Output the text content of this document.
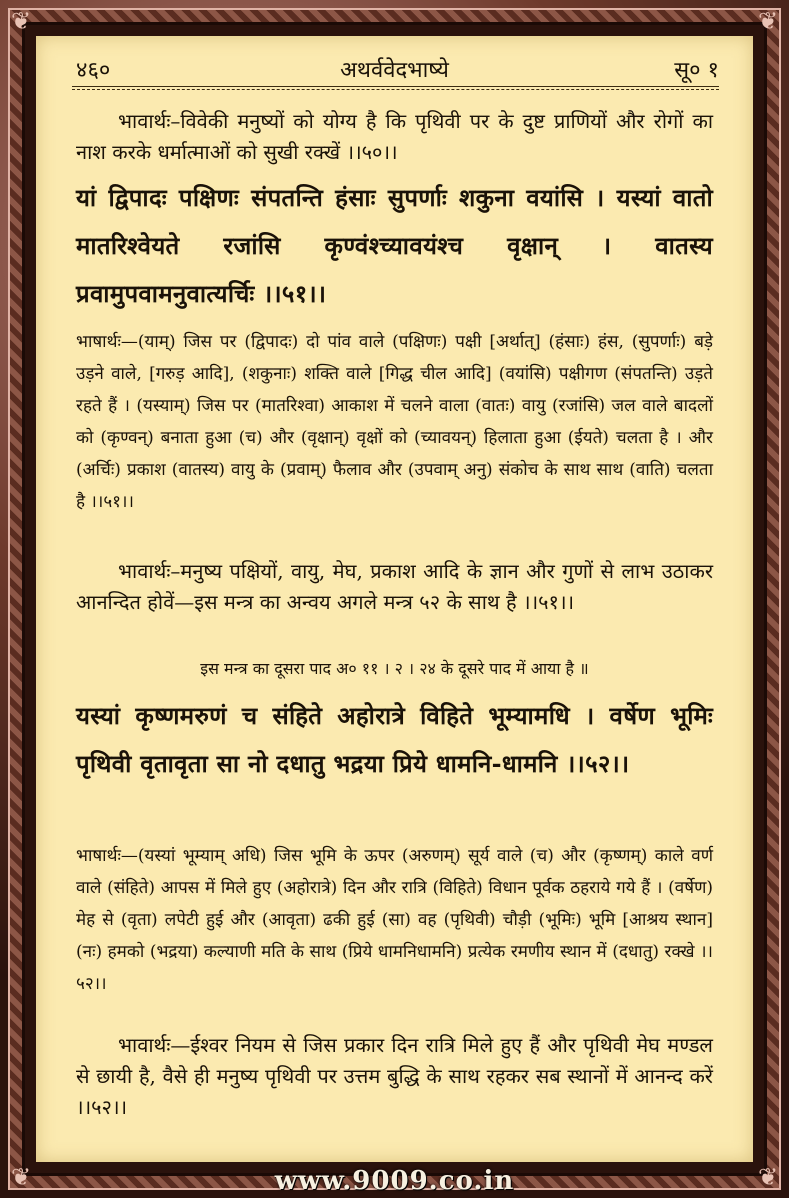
❦	❦
❦	❦
४६०	अथर्ववेदभाष्ये	सू० १
भावार्थः–विवेकी मनुष्यों को योग्य है कि पृथिवी पर के दुष्ट प्राणियों और रोगों का नाश करके धर्मात्माओं को सुखी रक्खें ।।५०।।
यां द्विपादः पक्षिणः संपतन्ति हंसाः सुपर्णाः शकुना वयांसि । यस्यां वातो मातरिश्वेयते रजांसि कृण्वंश्च्यावयंश्च वृक्षान् । वातस्य प्रवामुपवामनुवात्यर्चिः ।।५१।।
भाषार्थः—(याम्) जिस पर (द्विपादः) दो पांव वाले (पक्षिणः) पक्षी [अर्थात्] (हंसाः) हंस, (सुपर्णाः) बड़े उड़ने वाले, [गरुड़ आदि], (शकुनाः) शक्ति वाले [गिद्ध चील आदि] (वयांसि) पक्षीगण (संपतन्ति) उड़ते रहते हैं । (यस्याम्) जिस पर (मातरिश्वा) आकाश में चलने वाला (वातः) वायु (रजांसि) जल वाले बादलों को (कृण्वन्) बनाता हुआ (च) और (वृक्षान्) वृक्षों को (च्यावयन्) हिलाता हुआ (ईयते) चलता है । और (अर्चिः) प्रकाश (वातस्य) वायु के (प्रवाम्) फैलाव और (उपवाम् अनु) संकोच के साथ साथ (वाति) चलता है ।।५१।।
भावार्थः–मनुष्य पक्षियों, वायु, मेघ, प्रकाश आदि के ज्ञान और गुणों से लाभ उठाकर आनन्दित होवें—इस मन्त्र का अन्वय अगले मन्त्र ५२ के साथ है ।।५१।।
इस मन्त्र का दूसरा पाद अ० ११ । २ । २४ के दूसरे पाद में आया है ॥
यस्यां कृष्णमरुणं च संहिते अहोरात्रे विहिते भूम्यामधि । वर्षेण भूमिः पृथिवी वृतावृता सा नो दधातु भद्रया प्रिये धामनि-धामनि ।।५२।।
भाषार्थः—(यस्यां भूम्याम् अधि) जिस भूमि के ऊपर (अरुणम्) सूर्य वाले (च) और (कृष्णम्) काले वर्ण वाले (संहिते) आपस में मिले हुए (अहोरात्रे) दिन और रात्रि (विहिते) विधान पूर्वक ठहराये गये हैं । (वर्षेण) मेह से (वृता) लपेटी हुई और (आवृता) ढकी हुई (सा) वह (पृथिवी) चौड़ी (भूमिः) भूमि [आश्रय स्थान] (नः) हमको (भद्रया) कल्याणी मति के साथ (प्रिये धामनिधामनि) प्रत्येक रमणीय स्थान में (दधातु) रक्खे ।।५२।।
भावार्थः—ईश्वर नियम से जिस प्रकार दिन रात्रि मिले हुए हैं और पृथिवी मेघ मण्डल से छायी है, वैसे ही मनुष्य पृथिवी पर उत्तम बुद्धि के साथ रहकर सब स्थानों में आनन्द करें ।।५२।।
www.9009.co.in
